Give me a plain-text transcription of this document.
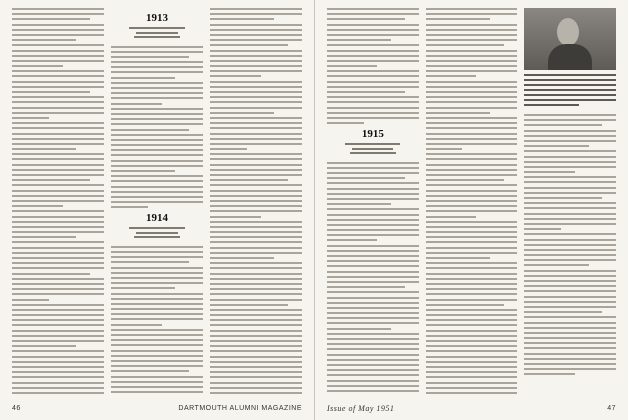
1913
1914
46	DARTMOUTH ALUMNI MAGAZINE
1915
Issue of May 1951	47
